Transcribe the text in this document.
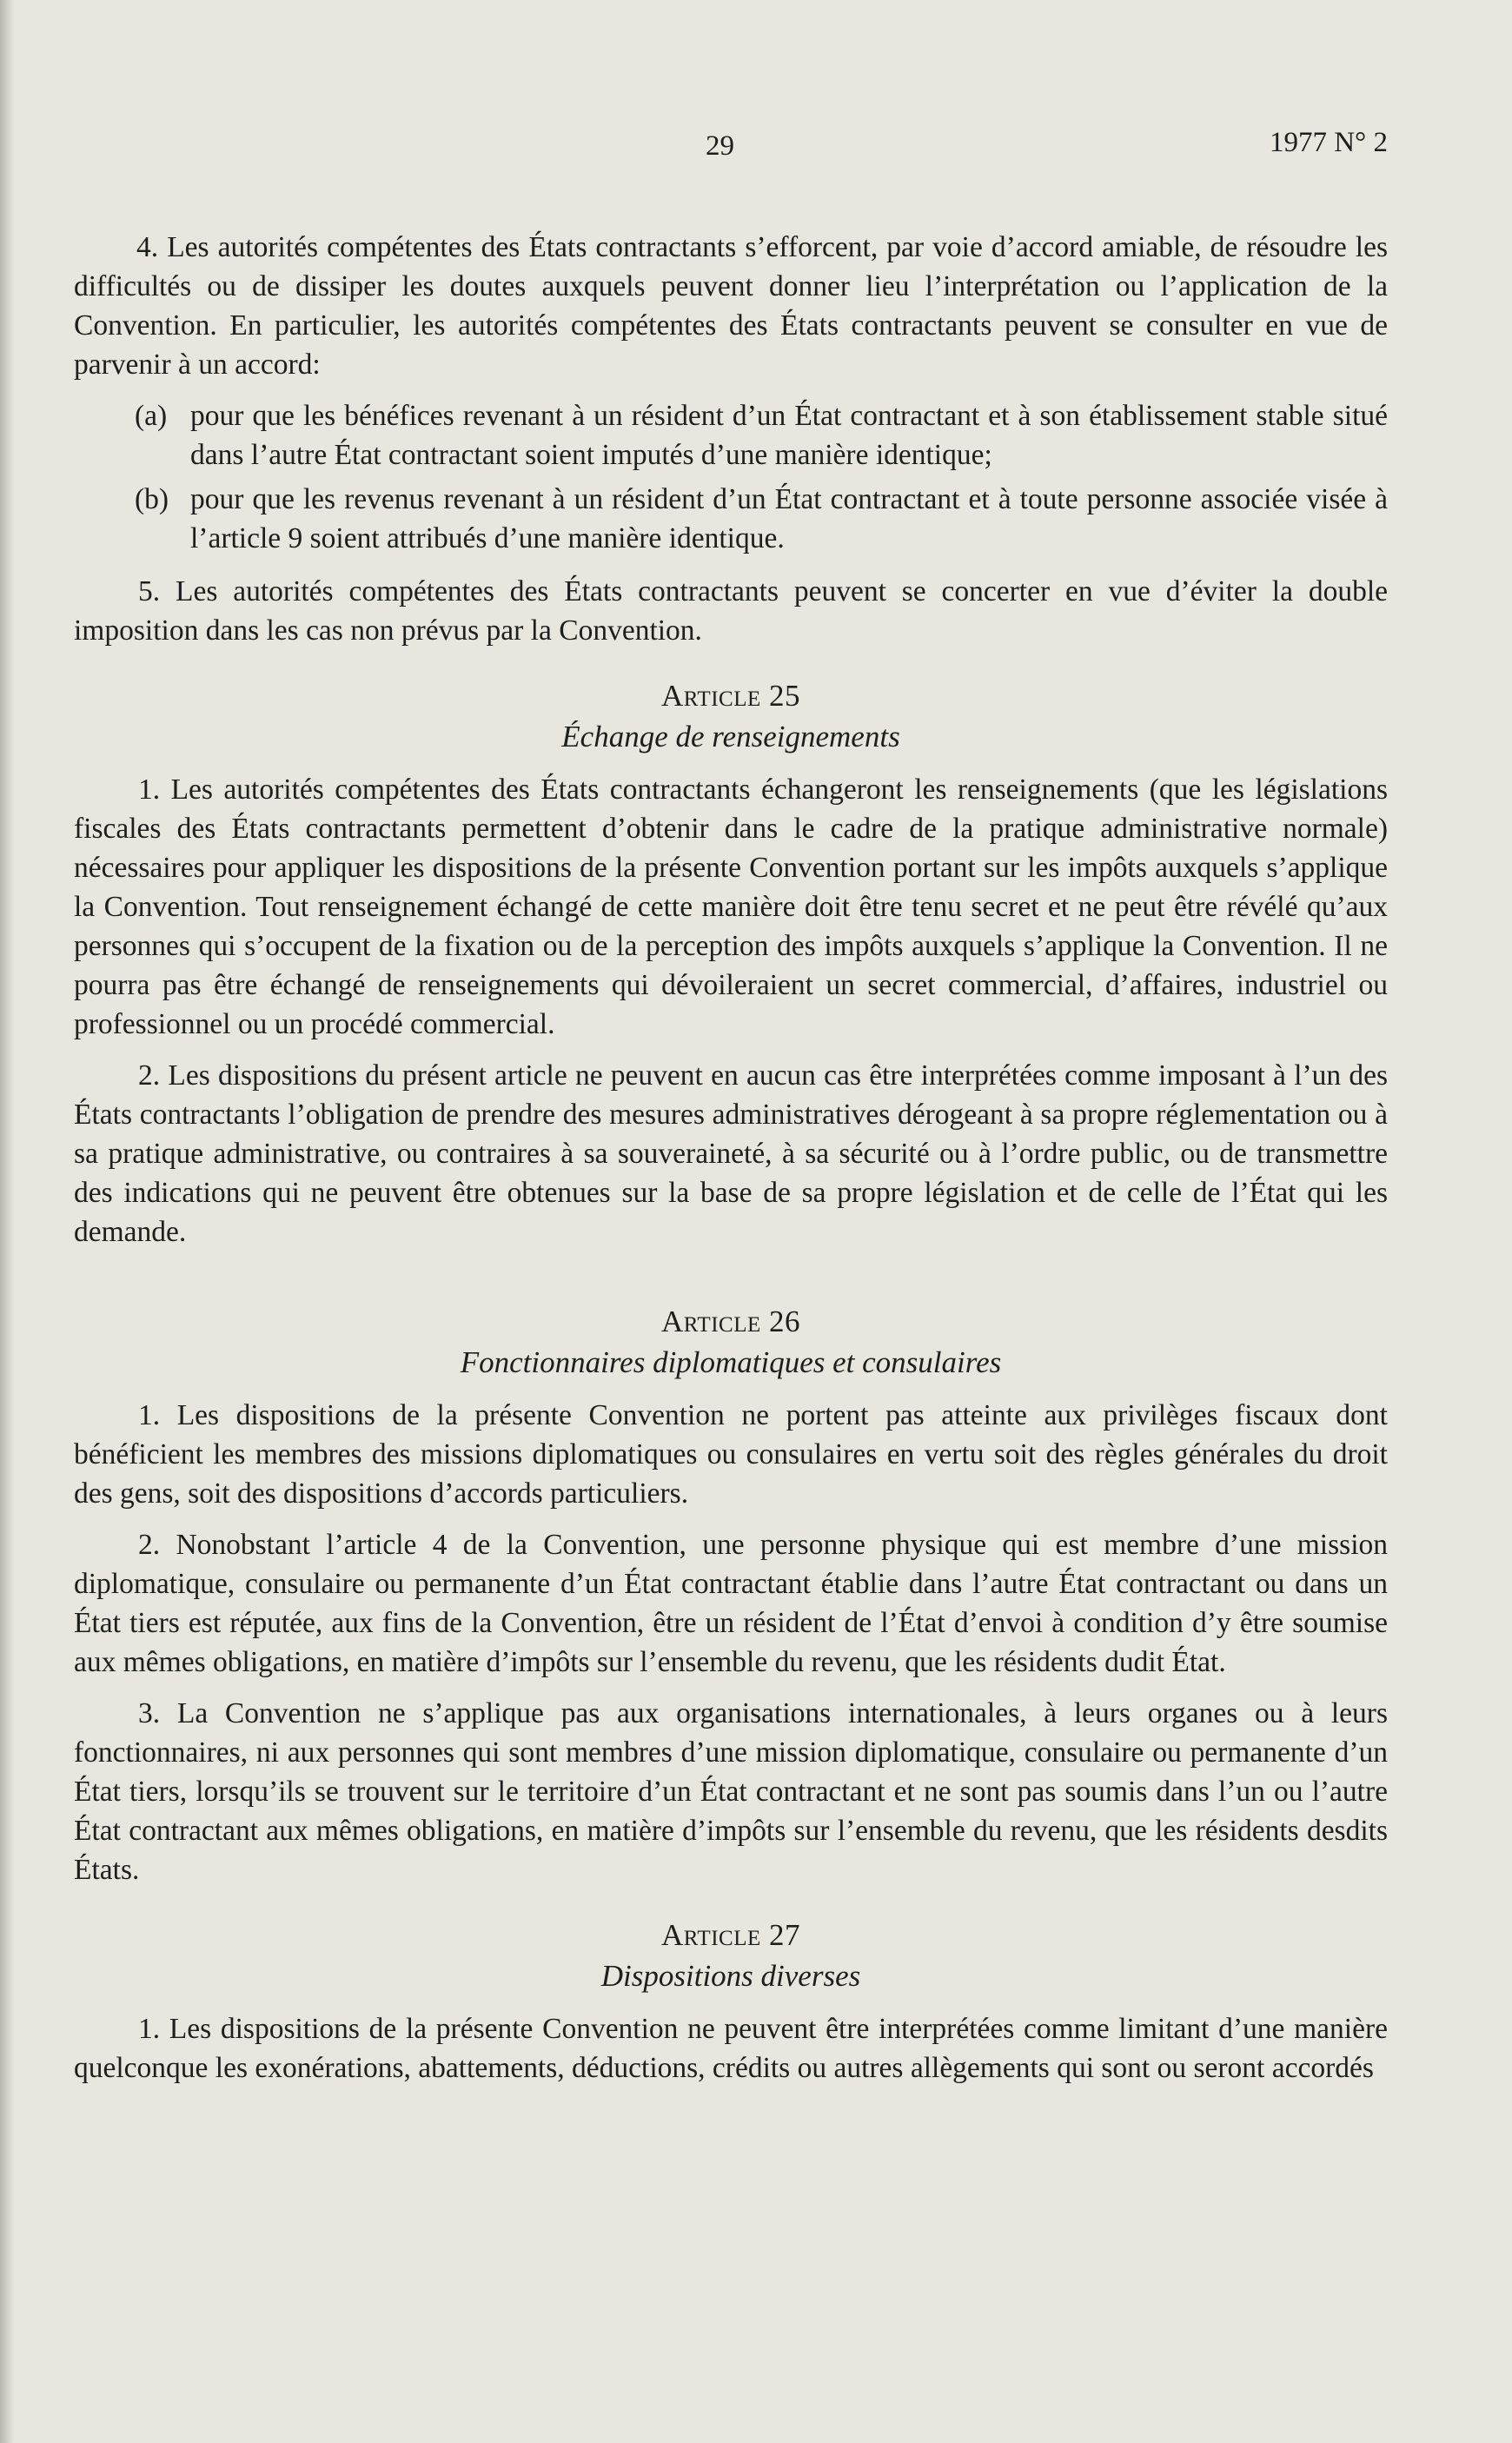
29	1977 N° 2

4. Les autorités compétentes des États contractants s’efforcent, par voie d’accord amiable, de résoudre les difficultés ou de dissiper les doutes auxquels peuvent donner lieu l’interprétation ou l’application de la Convention. En particulier, les autorités compétentes des États contractants peuvent se consulter en vue de parvenir à un accord:

(a) pour que les bénéfices revenant à un résident d’un État contractant et à son établissement stable situé dans l’autre État contractant soient imputés d’une manière identique;
(b) pour que les revenus revenant à un résident d’un État contractant et à toute personne associée visée à l’article 9 soient attribués d’une manière identique.

5. Les autorités compétentes des États contractants peuvent se concerter en vue d’éviter la double imposition dans les cas non prévus par la Convention.

Article 25
Échange de renseignements

1. Les autorités compétentes des États contractants échangeront les renseignements (que les législations fiscales des États contractants permettent d’obtenir dans le cadre de la pratique administrative normale) nécessaires pour appliquer les dispositions de la présente Convention portant sur les impôts auxquels s’applique la Convention. Tout renseignement échangé de cette manière doit être tenu secret et ne peut être révélé qu’aux personnes qui s’occupent de la fixation ou de la perception des impôts auxquels s’applique la Convention. Il ne pourra pas être échangé de renseignements qui dévoileraient un secret commercial, d’affaires, industriel ou professionnel ou un procédé commercial.

2. Les dispositions du présent article ne peuvent en aucun cas être interprétées comme imposant à l’un des États contractants l’obligation de prendre des mesures administratives dérogeant à sa propre réglementation ou à sa pratique administrative, ou contraires à sa souveraineté, à sa sécurité ou à l’ordre public, ou de transmettre des indications qui ne peuvent être obtenues sur la base de sa propre législation et de celle de l’État qui les demande.

Article 26
Fonctionnaires diplomatiques et consulaires

1. Les dispositions de la présente Convention ne portent pas atteinte aux privilèges fiscaux dont bénéficient les membres des missions diplomatiques ou consulaires en vertu soit des règles générales du droit des gens, soit des dispositions d’accords particuliers.

2. Nonobstant l’article 4 de la Convention, une personne physique qui est membre d’une mission diplomatique, consulaire ou permanente d’un État contractant établie dans l’autre État contractant ou dans un État tiers est réputée, aux fins de la Convention, être un résident de l’État d’envoi à condition d’y être soumise aux mêmes obligations, en matière d’impôts sur l’ensemble du revenu, que les résidents dudit État.

3. La Convention ne s’applique pas aux organisations internationales, à leurs organes ou à leurs fonctionnaires, ni aux personnes qui sont membres d’une mission diplomatique, consulaire ou permanente d’un État tiers, lorsqu’ils se trouvent sur le territoire d’un État contractant et ne sont pas soumis dans l’un ou l’autre État contractant aux mêmes obligations, en matière d’impôts sur l’ensemble du revenu, que les résidents desdits États.

Article 27
Dispositions diverses

1. Les dispositions de la présente Convention ne peuvent être interprétées comme limitant d’une manière quelconque les exonérations, abattements, déductions, crédits ou autres allègements qui sont ou seront accordés
